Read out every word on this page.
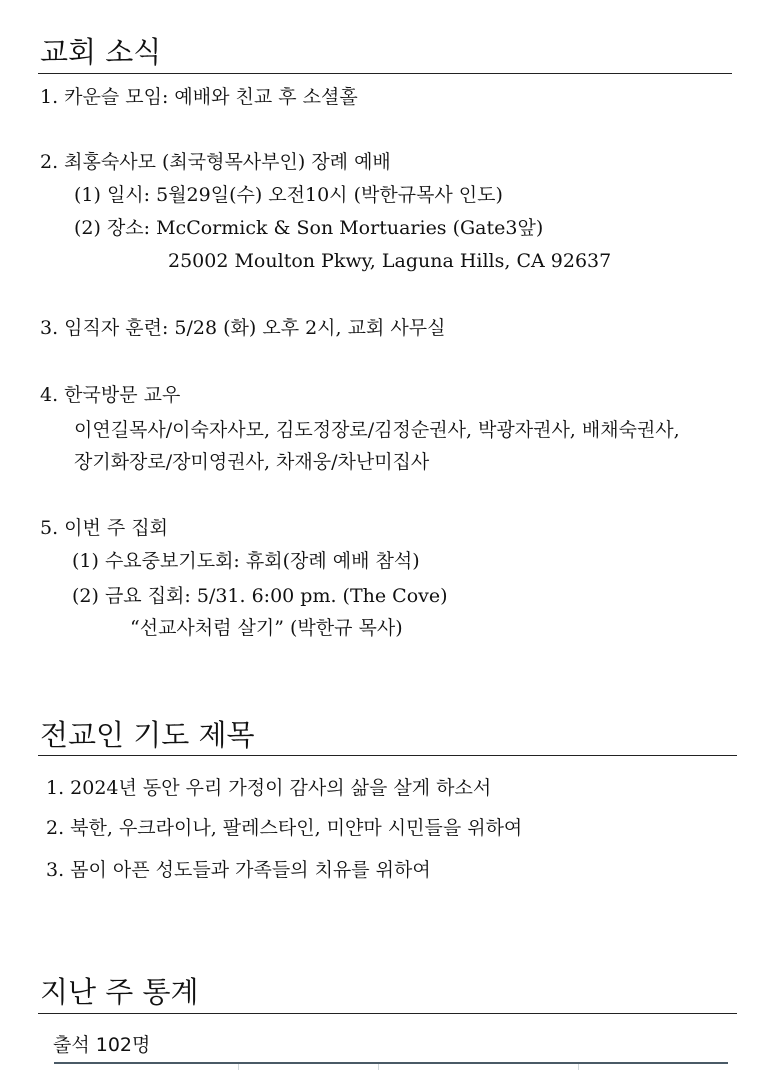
교회 소식
1. 카운슬 모임: 예배와 친교 후 소셜홀
2. 최홍숙사모 (최국형목사부인) 장례 예배
(1) 일시: 5월29일(수) 오전10시 (박한규목사 인도)
(2) 장소: McCormick & Son Mortuaries (Gate3앞)
25002 Moulton Pkwy, Laguna Hills, CA 92637
3. 임직자 훈련: 5/28 (화) 오후 2시, 교회 사무실
4. 한국방문 교우
이연길목사/이숙자사모, 김도정장로/김정순권사, 박광자권사, 배채숙권사,
장기화장로/장미영권사, 차재웅/차난미집사
5. 이번 주 집회
(1) 수요중보기도회: 휴회(장례 예배 참석)
(2) 금요 집회: 5/31. 6:00 pm. (The Cove)
“선교사처럼 살기” (박한규 목사)
전교인 기도 제목
1. 2024년 동안 우리 가정이 감사의 삶을 살게 하소서
2. 북한, 우크라이나, 팔레스타인, 미얀마 시민들을 위하여
3. 몸이 아픈 성도들과 가족들의 치유를 위하여
지난 주 통계
출석 102명
